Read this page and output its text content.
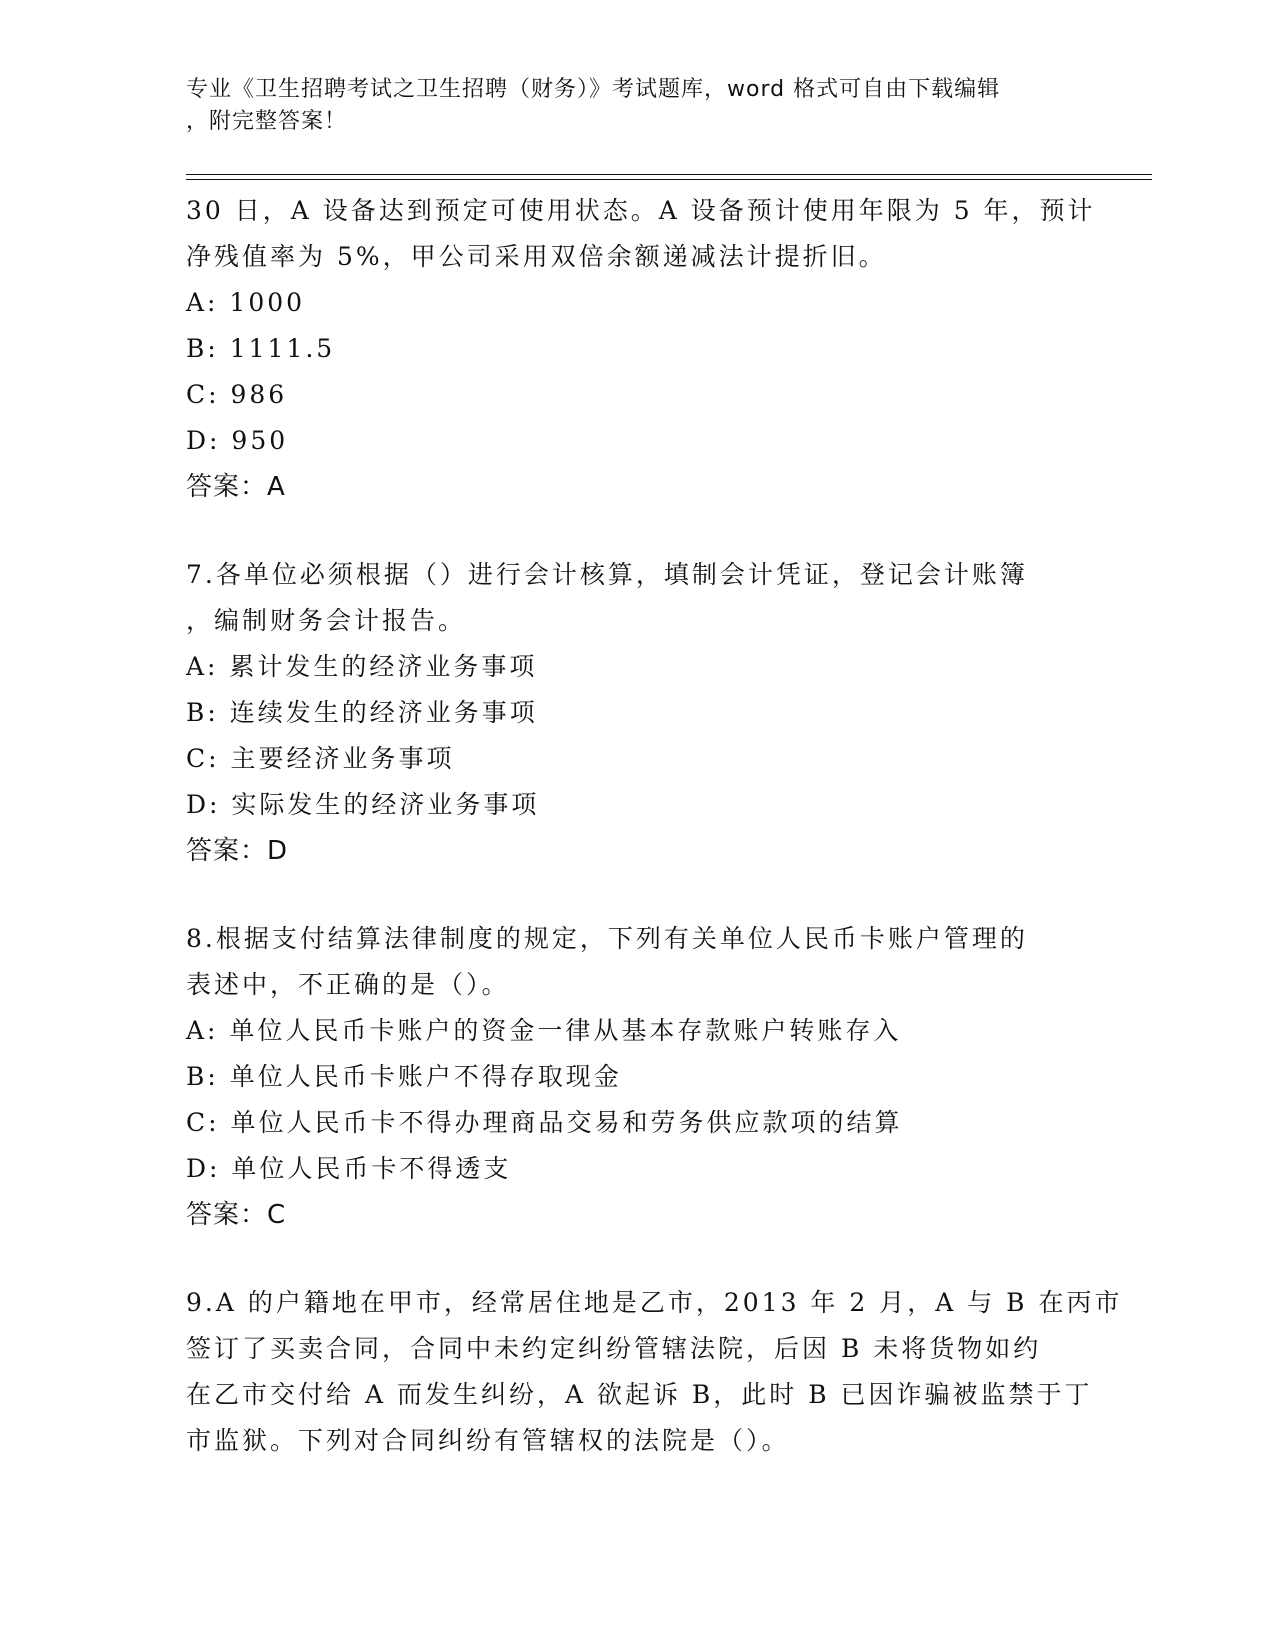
专业《卫生招聘考试之卫生招聘（财务）》考试题库，word 格式可自由下载编辑
，附完整答案！
30 日，A 设备达到预定可使用状态。A 设备预计使用年限为 5 年，预计
净残值率为 5%，甲公司采用双倍余额递减法计提折旧。
A: 1000
B: 1111.5
C: 986
D: 950
答案：A
7.各单位必须根据（）进行会计核算，填制会计凭证，登记会计账簿
，编制财务会计报告。
A: 累计发生的经济业务事项
B: 连续发生的经济业务事项
C: 主要经济业务事项
D: 实际发生的经济业务事项
答案：D
8.根据支付结算法律制度的规定，下列有关单位人民币卡账户管理的
表述中，不正确的是（）。
A: 单位人民币卡账户的资金一律从基本存款账户转账存入
B: 单位人民币卡账户不得存取现金
C: 单位人民币卡不得办理商品交易和劳务供应款项的结算
D: 单位人民币卡不得透支
答案：C
9.A 的户籍地在甲市，经常居住地是乙市，2013 年 2 月，A 与 B 在丙市
签订了买卖合同，合同中未约定纠纷管辖法院，后因 B 未将货物如约
在乙市交付给 A 而发生纠纷，A 欲起诉 B，此时 B 已因诈骗被监禁于丁
市监狱。下列对合同纠纷有管辖权的法院是（）。
